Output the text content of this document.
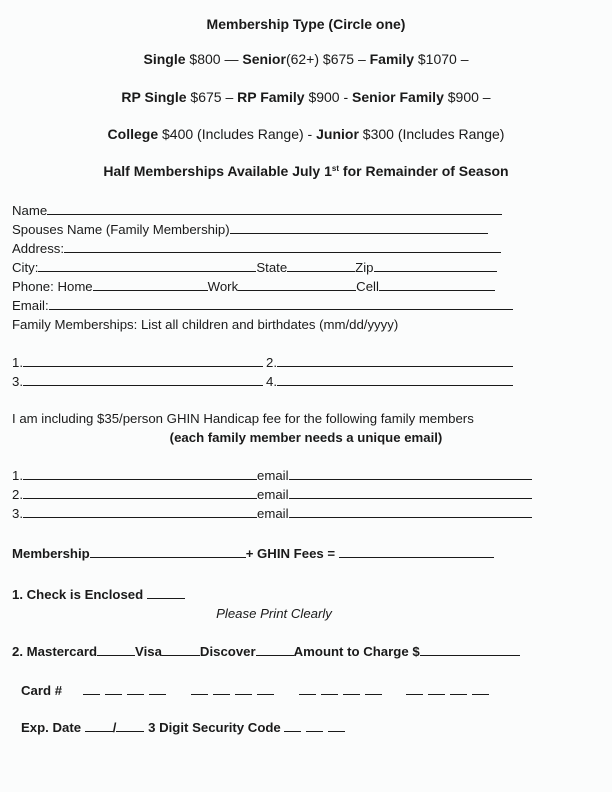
Membership Type (Circle one)
Single $800 — Senior(62+) $675 – Family $1070 –
RP Single $675 – RP Family $900 - Senior Family $900 –
College $400 (Includes Range) - Junior $300 (Includes Range)
Half Memberships Available July 1st for Remainder of Season
Name
Spouses Name (Family Membership)
Address:
City:	State	Zip
Phone: Home	Work	Cell
Email:
Family Memberships: List all children and birthdates (mm/dd/yyyy)
1.	2.
3.	4.
I am including $35/person GHIN Handicap fee for the following family members
(each family member needs a unique email)
1.	email
2.	email
3.	email
Membership	+ GHIN Fees =
1. Check is Enclosed
Please Print Clearly
2. Mastercard	Visa	Discover	Amount to Charge $
Card #
Exp. Date / 3 Digit Security Code
